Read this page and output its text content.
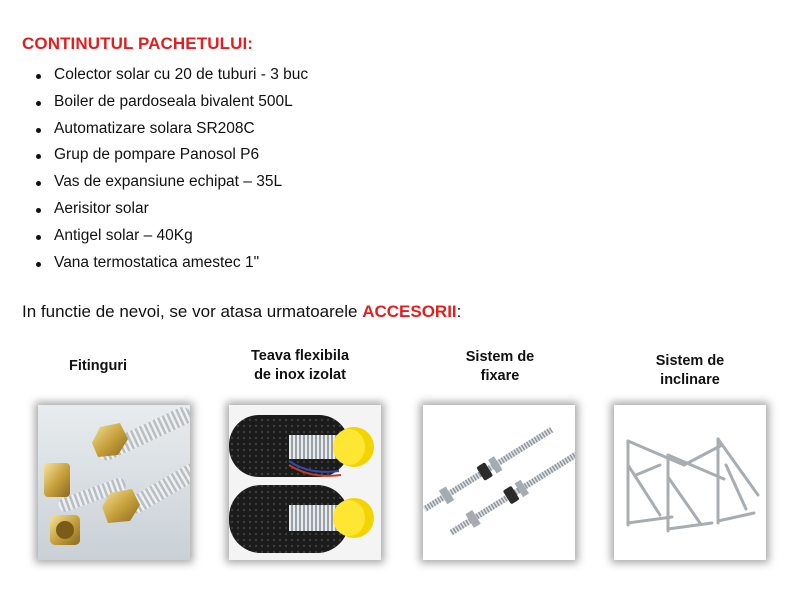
CONTINUTUL PACHETULUI:
Colector solar cu 20 de tuburi - 3 buc
Boiler de pardoseala bivalent 500L
Automatizare solara SR208C
Grup de pompare Panosol P6
Vas de expansiune echipat – 35L
Aerisitor solar
Antigel solar – 40Kg
Vana termostatica amestec 1"
In functie de nevoi, se vor atasa urmatoarele ACCESORII:
Fitinguri
Teava flexibila
de inox izolat
Sistem de
fixare
Sistem de
inclinare
